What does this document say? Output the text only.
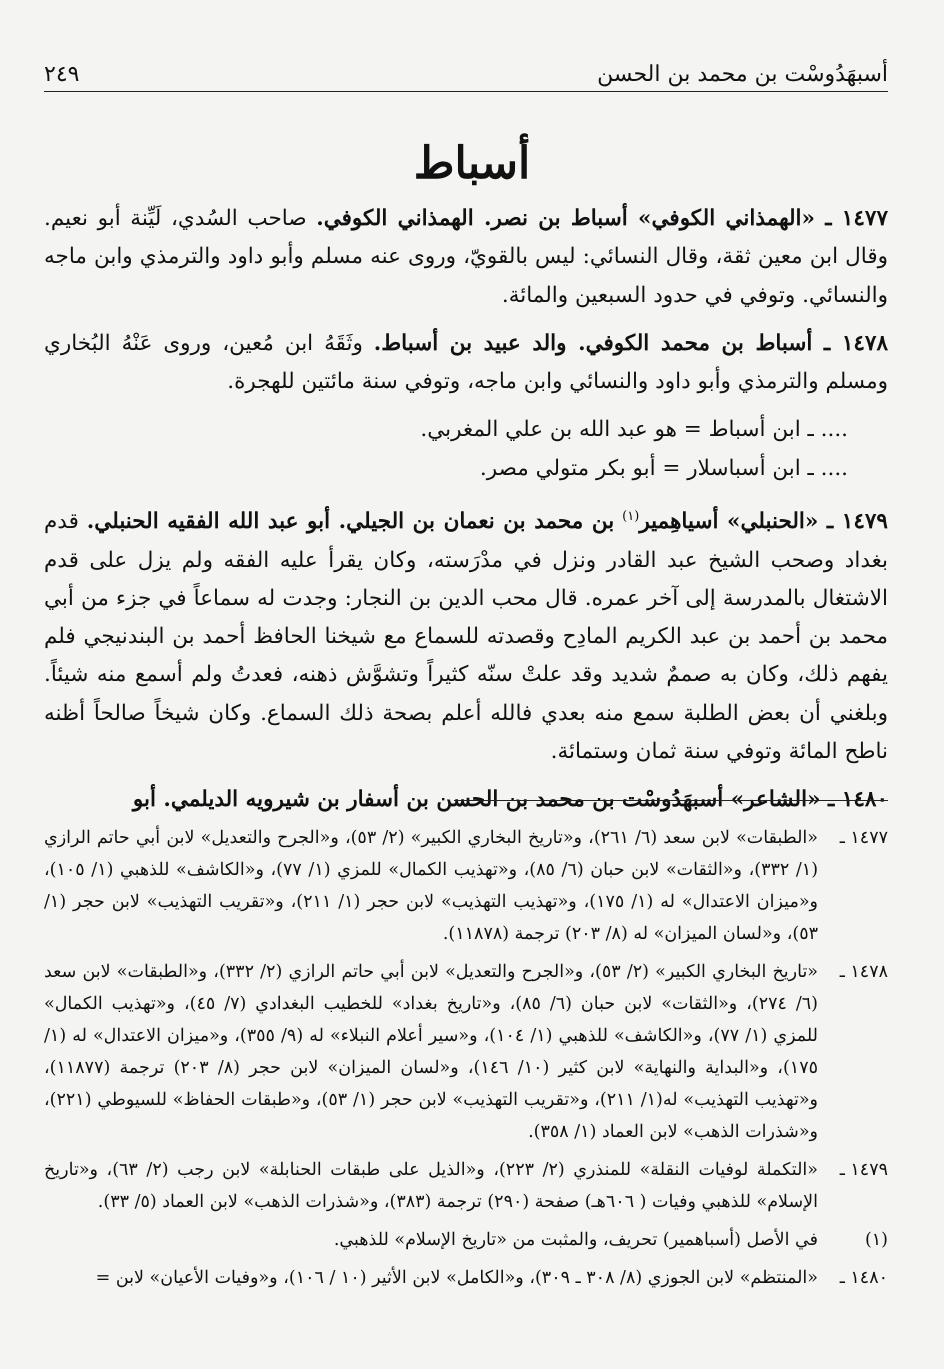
أسبهَدُوسْت بن محمد بن الحسن
٢٤٩
أسباط

١٤٧٧ ـ «الهمذاني الكوفي» أسباط بن نصر. الهمذاني الكوفي. صاحب السُدي، لَيِّنة أبو نعيم. وقال ابن معين ثقة، وقال النسائي: ليس بالقويّ، وروى عنه مسلم وأبو داود والترمذي وابن ماجه والنسائي. وتوفي في حدود السبعين والمائة.

١٤٧٨ ـ أسباط بن محمد الكوفي. والد عبيد بن أسباط. وثَقَهُ ابن مُعين، وروى عَنْهُ البُخاري ومسلم والترمذي وأبو داود والنسائي وابن ماجه، وتوفي سنة مائتين للهجرة.

.... ـ ابن أسباط = هو عبد الله بن علي المغربي.

.... ـ ابن أسباسلار = أبو بكر متولي مصر.

١٤٧٩ ـ «الحنبلي» أسياهِمير$^{(١)}$ بن محمد بن نعمان بن الجيلي. أبو عبد الله الفقيه الحنبلي. قدم بغداد وصحب الشيخ عبد القادر ونزل في مدْرَسته، وكان يقرأ عليه الفقه ولم يزل على قدم الاشتغال بالمدرسة إلى آخر عمره. قال محب الدين بن النجار: وجدت له سماعاً في جزء من أبي محمد بن أحمد بن عبد الكريم المادِح وقصدته للسماع مع شيخنا الحافظ أحمد بن البندنيجي فلم يفهم ذلك، وكان به صممٌ شديد وقد علتْ سنّه كثيراً وتشوَّش ذهنه، فعدتُ ولم أسمع منه شيئاً. وبلغني أن بعض الطلبة سمع منه بعدي فالله أعلم بصحة ذلك السماع. وكان شيخاً صالحاً أظنه ناطح المائة وتوفي سنة ثمان وستمائة.

١٤٨٠ ـ «الشاعر» أسبهَدُوسْت بن محمد بن الحسن بن أسفار بن شيرويه الديلمي. أبو

١٤٧٧ ـ
«الطبقات» لابن سعد (٦/ ٢٦١)، و«تاريخ البخاري الكبير» (٢/ ٥٣)، و«الجرح والتعديل» لابن أبي حاتم الرازي (١/ ٣٣٢)، و«الثقات» لابن حبان (٦/ ٨٥)، و«تهذيب الكمال» للمزي (١/ ٧٧)، و«الكاشف» للذهبي (١/ ١٠٥)، و«ميزان الاعتدال» له (١/ ١٧٥)، و«تهذيب التهذيب» لابن حجر (١/ ٢١١)، و«تقريب التهذيب» لابن حجر (١/ ٥٣)، و«لسان الميزان» له (٨/ ٢٠٣) ترجمة (١١٨٧٨).
١٤٧٨ ـ
«تاريخ البخاري الكبير» (٢/ ٥٣)، و«الجرح والتعديل» لابن أبي حاتم الرازي (٢/ ٣٣٢)، و«الطبقات» لابن سعد (٦/ ٢٧٤)، و«الثقات» لابن حبان (٦/ ٨٥)، و«تاريخ بغداد» للخطيب البغدادي (٧/ ٤٥)، و«تهذيب الكمال» للمزي (١/ ٧٧)، و«الكاشف» للذهبي (١/ ١٠٤)، و«سير أعلام النبلاء» له (٩/ ٣٥٥)، و«ميزان الاعتدال» له (١/ ١٧٥)، و«البداية والنهاية» لابن كثير (١٠/ ١٤٦)، و«لسان الميزان» لابن حجر (٨/ ٢٠٣) ترجمة (١١٨٧٧)، و«تهذيب التهذيب» له(١/ ٢١١)، و«تقريب التهذيب» لابن حجر (١/ ٥٣)، و«طبقات الحفاظ» للسيوطي (٢٢١)، و«شذرات الذهب» لابن العماد (١/ ٣٥٨).
١٤٧٩ ـ
«التكملة لوفيات النقلة» للمنذري (٢/ ٢٢٣)، و«الذيل على طبقات الحنابلة» لابن رجب (٢/ ٦٣)، و«تاريخ الإسلام» للذهبي وفيات ( ٦٠٦هـ) صفحة (٢٩٠) ترجمة (٣٨٣)، و«شذرات الذهب» لابن العماد (٥/ ٣٣).
(١)
في الأصل (أسباهمير) تحريف، والمثبت من «تاريخ الإسلام» للذهبي.
١٤٨٠ ـ
«المنتظم» لابن الجوزي (٨/ ٣٠٨ ـ ٣٠٩)، و«الكامل» لابن الأثير (١٠ / ١٠٦)، و«وفيات الأعيان» لابن =
